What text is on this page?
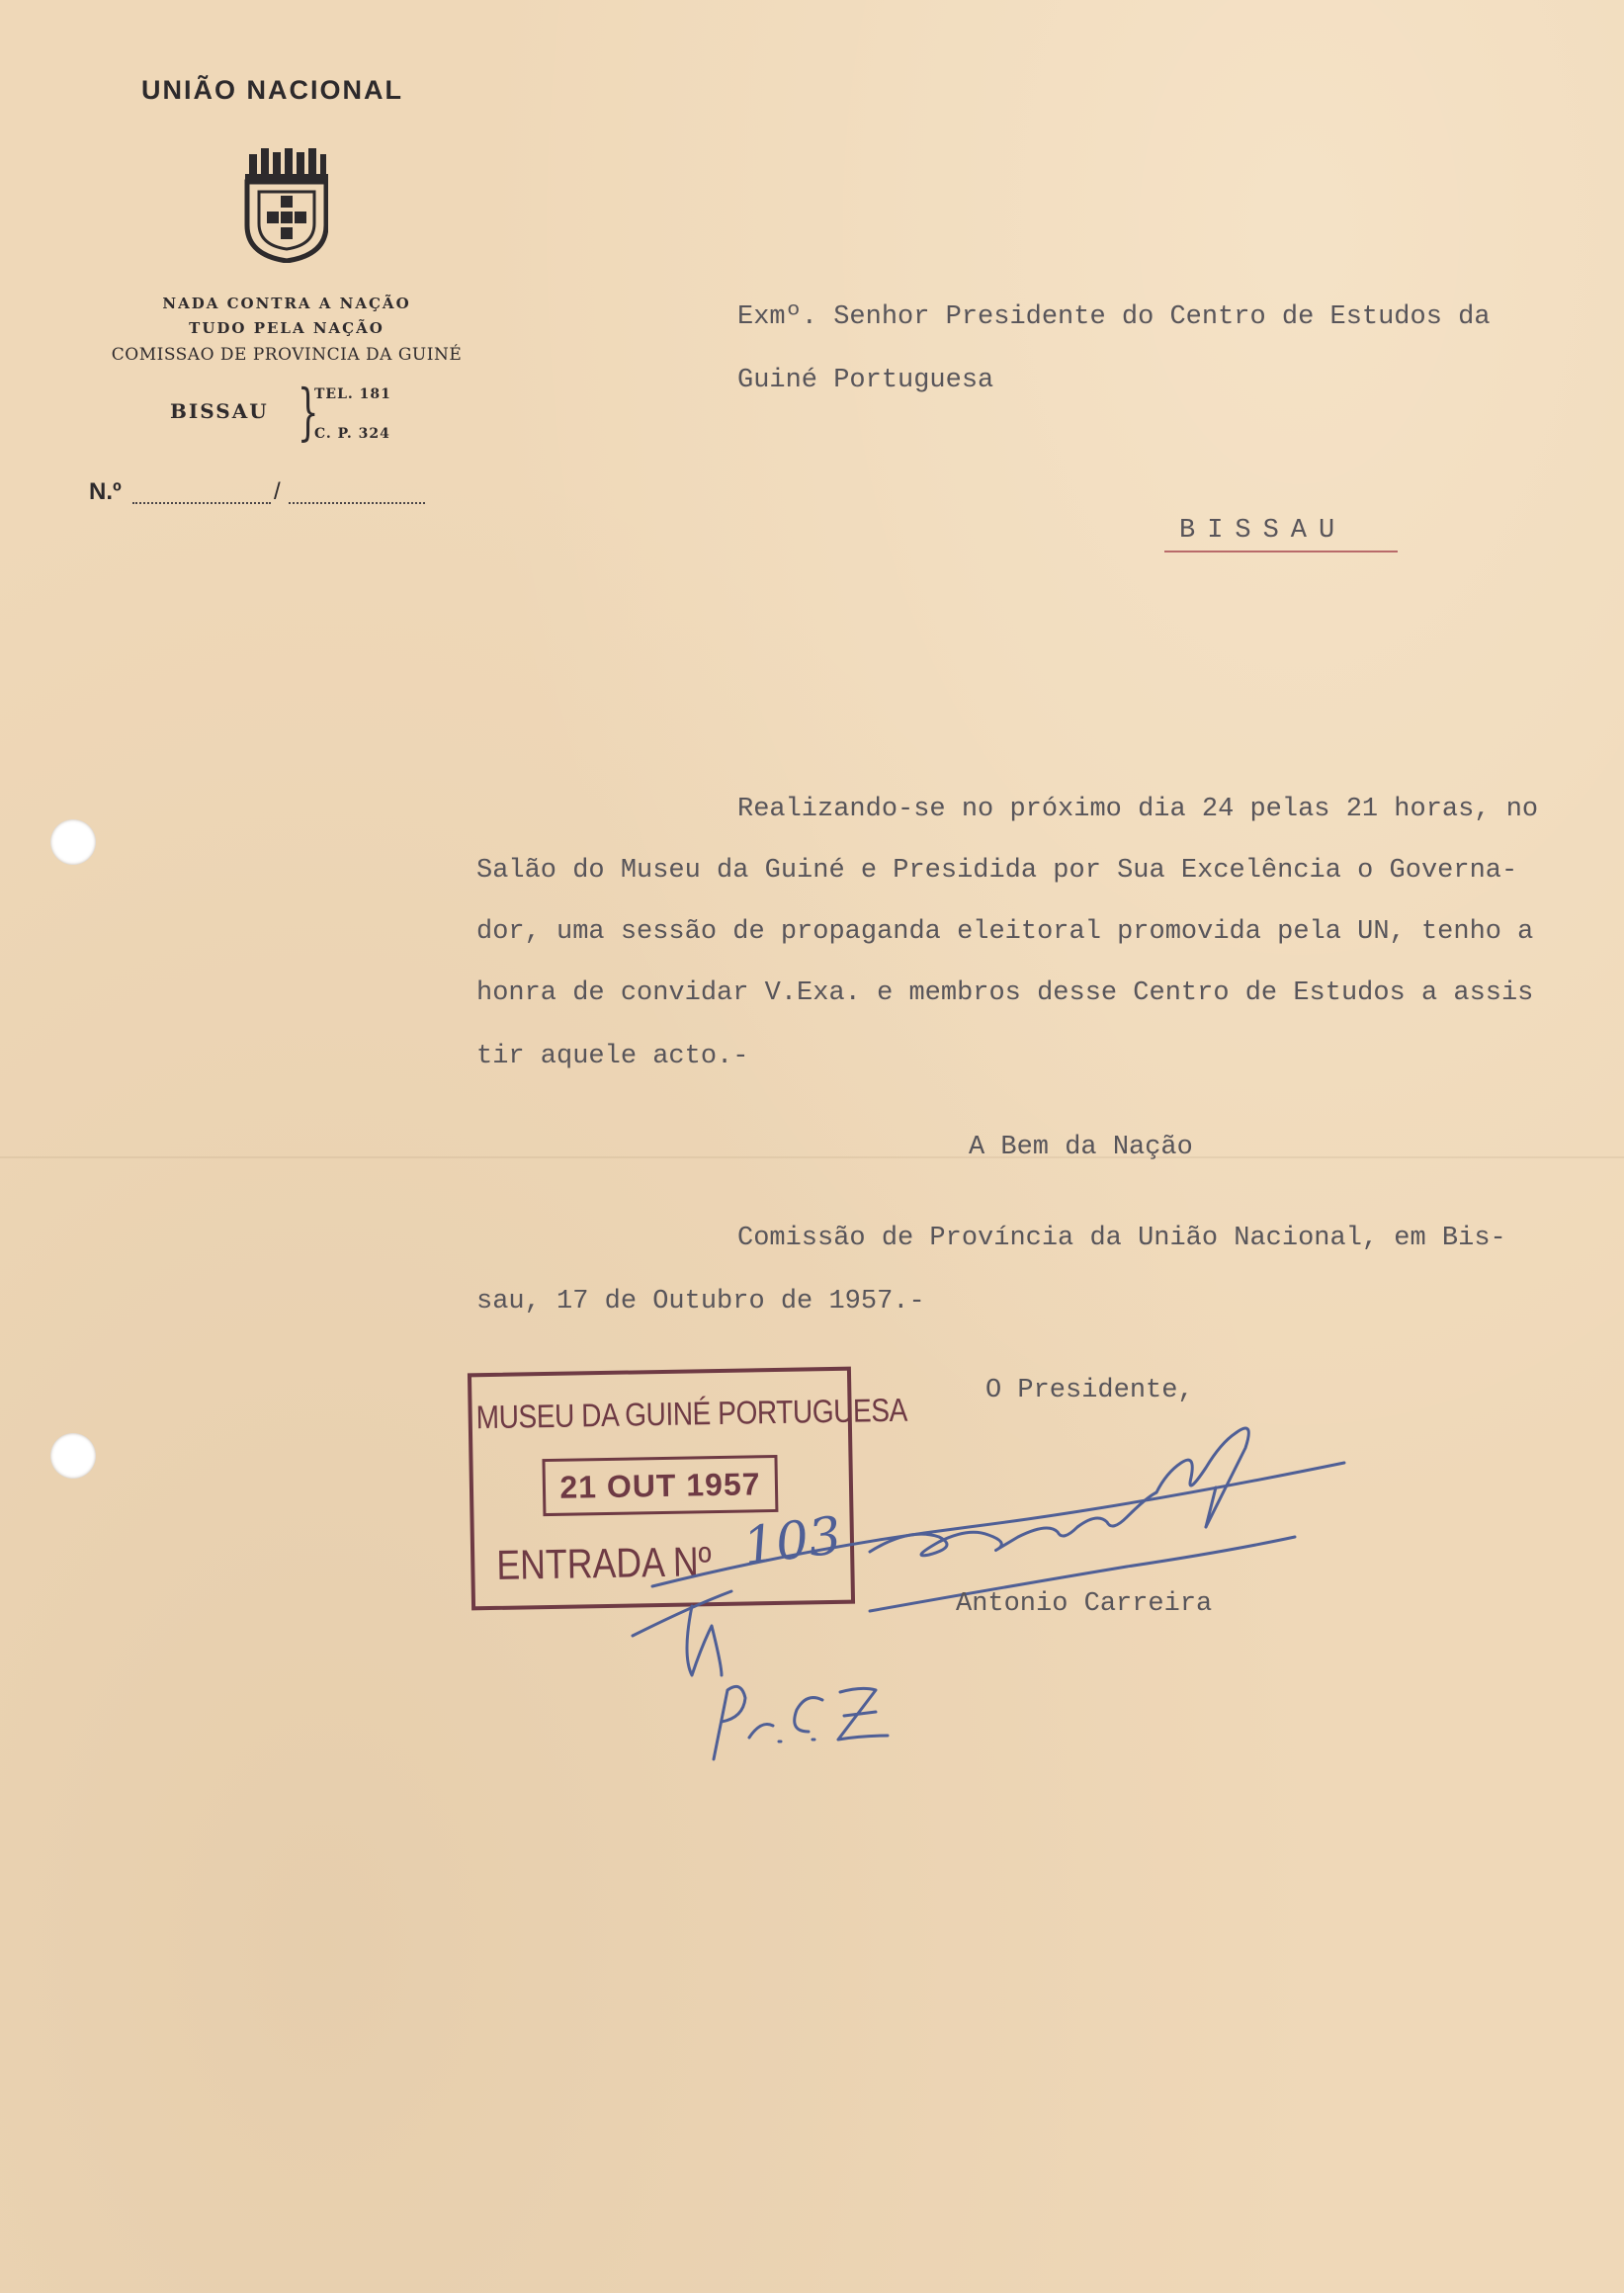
UNIÃO NACIONAL
NADA CONTRA A NAÇÃO
TUDO PELA NAÇÃO
COMISSAO DE PROVINCIA DA GUINÉ
BISSAU }
TEL. 181
C. P. 324
N.º	/

Exmº. Senhor Presidente do Centro de Estudos da

Guiné Portuguesa

BISSAU

Realizando-se no próximo dia 24 pelas 21 horas, no

Salão do Museu da Guiné e Presidida por Sua Excelência o Governa-

dor, uma sessão de propaganda eleitoral promovida pela UN, tenho a

honra de convidar V.Exa. e membros desse Centro de Estudos a assis

tir aquele acto.-

A Bem da Nação

Comissão de Província da União Nacional, em Bis-

sau, 17 de Outubro de 1957.-

O Presidente,

MUSEU DA GUINÉ PORTUGUESA
21 OUT 1957
ENTRADA Nº 103

Antonio Carreira
